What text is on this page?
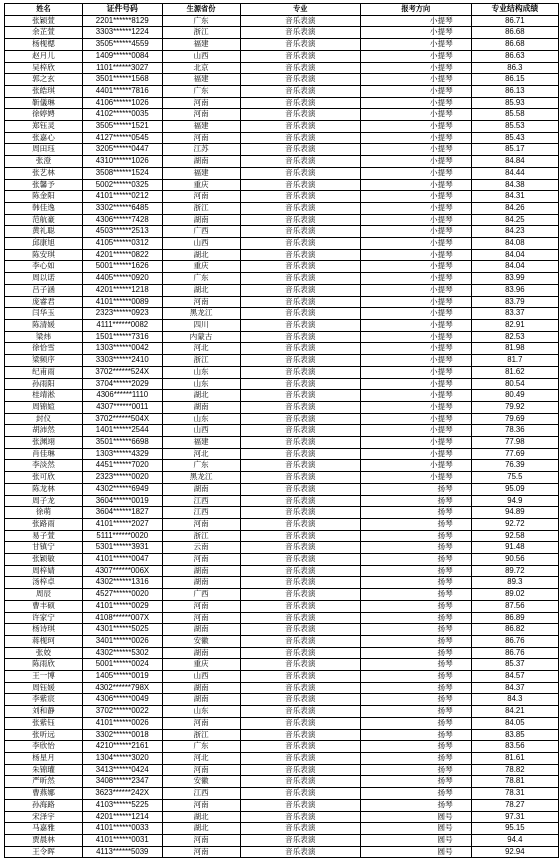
姓名	证件号码	生源省份	专业	报考方向	专业结构成绩
张颖萱	2201******8129	广东	音乐表演	小提琴	86.71
余芷萱	3303******1224	浙江	音乐表演	小提琴	86.68
杨枧楒	3505******4559	福建	音乐表演	小提琴	86.68
赵月儿	1409******0084	山西	音乐表演	小提琴	86.63
吴梓欣	1101******3027	北京	音乐表演	小提琴	86.3
郭之玄	3501******1568	福建	音乐表演	小提琴	86.15
张皓琪	4401******7816	广东	音乐表演	小提琴	86.13
靳儀琳	4106******1026	河南	音乐表演	小提琴	85.93
徐婷娉	4102******0035	河南	音乐表演	小提琴	85.58
郑钰灵	3505******1521	福建	音乐表演	小提琴	85.53
张嘉心	4127******0545	河南	音乐表演	小提琴	85.43
周田珏	3205******0447	江苏	音乐表演	小提琴	85.17
张澄	4310******1026	湖南	音乐表演	小提琴	84.84
张艺林	3508******1524	福建	音乐表演	小提琴	84.44
张馨予	5002******0325	重庆	音乐表演	小提琴	84.38
陈金阳	4101******0212	河南	音乐表演	小提琴	84.31
韩佳逸	3302******6485	浙江	音乐表演	小提琴	84.26
范航豪	4306******7428	湖南	音乐表演	小提琴	84.25
黄礼聪	4503******2513	广西	音乐表演	小提琴	84.23
邱康旭	4105******0312	山西	音乐表演	小提琴	84.08
陈安琪	4201******0822	湖北	音乐表演	小提琴	84.04
李心如	5001******1626	重庆	音乐表演	小提琴	84.04
周以诺	4405******0920	广东	音乐表演	小提琴	83.99
吕子涵	4201******1218	湖北	音乐表演	小提琴	83.96
庞睿君	4101******0089	河南	音乐表演	小提琴	83.79
闫华玉	2323******0923	黑龙江	音乐表演	小提琴	83.37
陈清媛	4111******0082	四川	音乐表演	小提琴	82.91
梁炜	1501******7316	内蒙古	音乐表演	小提琴	82.53
徐恰雪	1303******0042	河北	音乐表演	小提琴	81.98
梁频序	3303******2410	浙江	音乐表演	小提琴	81.7
纪甫雨	3702******524X	山东	音乐表演	小提琴	81.62
孙雨阳	3704******2029	山东	音乐表演	小提琴	80.54
桂靖淞	4306******1110	湖北	音乐表演	小提琴	80.49
周锦媗	4307******0011	湖南	音乐表演	小提琴	79.92
封仪	3702******504X	山东	音乐表演	小提琴	79.69
胡沛然	1401******2544	山西	音乐表演	小提琴	78.36
张渊翊	3501******6698	福建	音乐表演	小提琴	77.98
肖佳琳	1303******4329	河北	音乐表演	小提琴	77.69
李淡然	4451******7020	广东	音乐表演	小提琴	76.39
张可欣	2323******0020	黑龙江	音乐表演	小提琴	75.5
陈龙林	4302******6949	湖南	音乐表演	扬琴	95.09
周子龙	3604******0019	江西	音乐表演	扬琴	94.9
徐萌	3604******1827	江西	音乐表演	扬琴	94.89
张路雨	4101******2027	河南	音乐表演	扬琴	92.72
易子萱	5111******0020	浙江	音乐表演	扬琴	92.58
甘镇宁	5301******3931	云南	音乐表演	扬琴	91.48
张颖敏	4101******0047	河南	音乐表演	扬琴	90.56
周梓婧	4307******006X	湖南	音乐表演	扬琴	89.72
汤梓卓	4302******1316	湖南	音乐表演	扬琴	89.3
周辰	4527******0020	广西	音乐表演	扬琴	89.02
曹丰硕	4101******0029	河南	音乐表演	扬琴	87.56
许家宁	4108******007X	河南	音乐表演	扬琴	86.89
杨诗琪	4301******5025	湖南	音乐表演	扬琴	86.82
蒋枧珂	3401******0026	安徽	音乐表演	扬琴	86.76
张姣	4302******5302	湖南	音乐表演	扬琴	86.76
陈雨欣	5001******0024	重庆	音乐表演	扬琴	85.37
王一博	1405******0019	山西	音乐表演	扬琴	84.57
周钰媛	4302******798X	湖南	音乐表演	扬琴	84.37
李紫宸	4306******0049	湖南	音乐表演	扬琴	84.3
刘和静	3702******0022	山东	音乐表演	扬琴	84.21
张紫钰	4101******0026	河南	音乐表演	扬琴	84.05
张听远	3302******0018	浙江	音乐表演	扬琴	83.85
李欣怡	4210******2161	广东	音乐表演	扬琴	83.56
杨星月	1304******3020	河北	音乐表演	扬琴	81.61
朱锦瓘	3413******0424	河南	音乐表演	扬琴	78.82
严昕然	3408******2347	安徽	音乐表演	扬琴	78.81
曹燕娜	3623******242X	江西	音乐表演	扬琴	78.31
孙海路	4103******5225	河南	音乐表演	扬琴	78.27
宋泽宇	4201******1214	湖北	音乐表演	圆号	97.31
马嘉雅	4101******0033	湖北	音乐表演	圆号	95.15
贾晨林	4101******0031	河南	音乐表演	圆号	94.4
王令晖	4113******5039	河南	音乐表演	圆号	92.94
